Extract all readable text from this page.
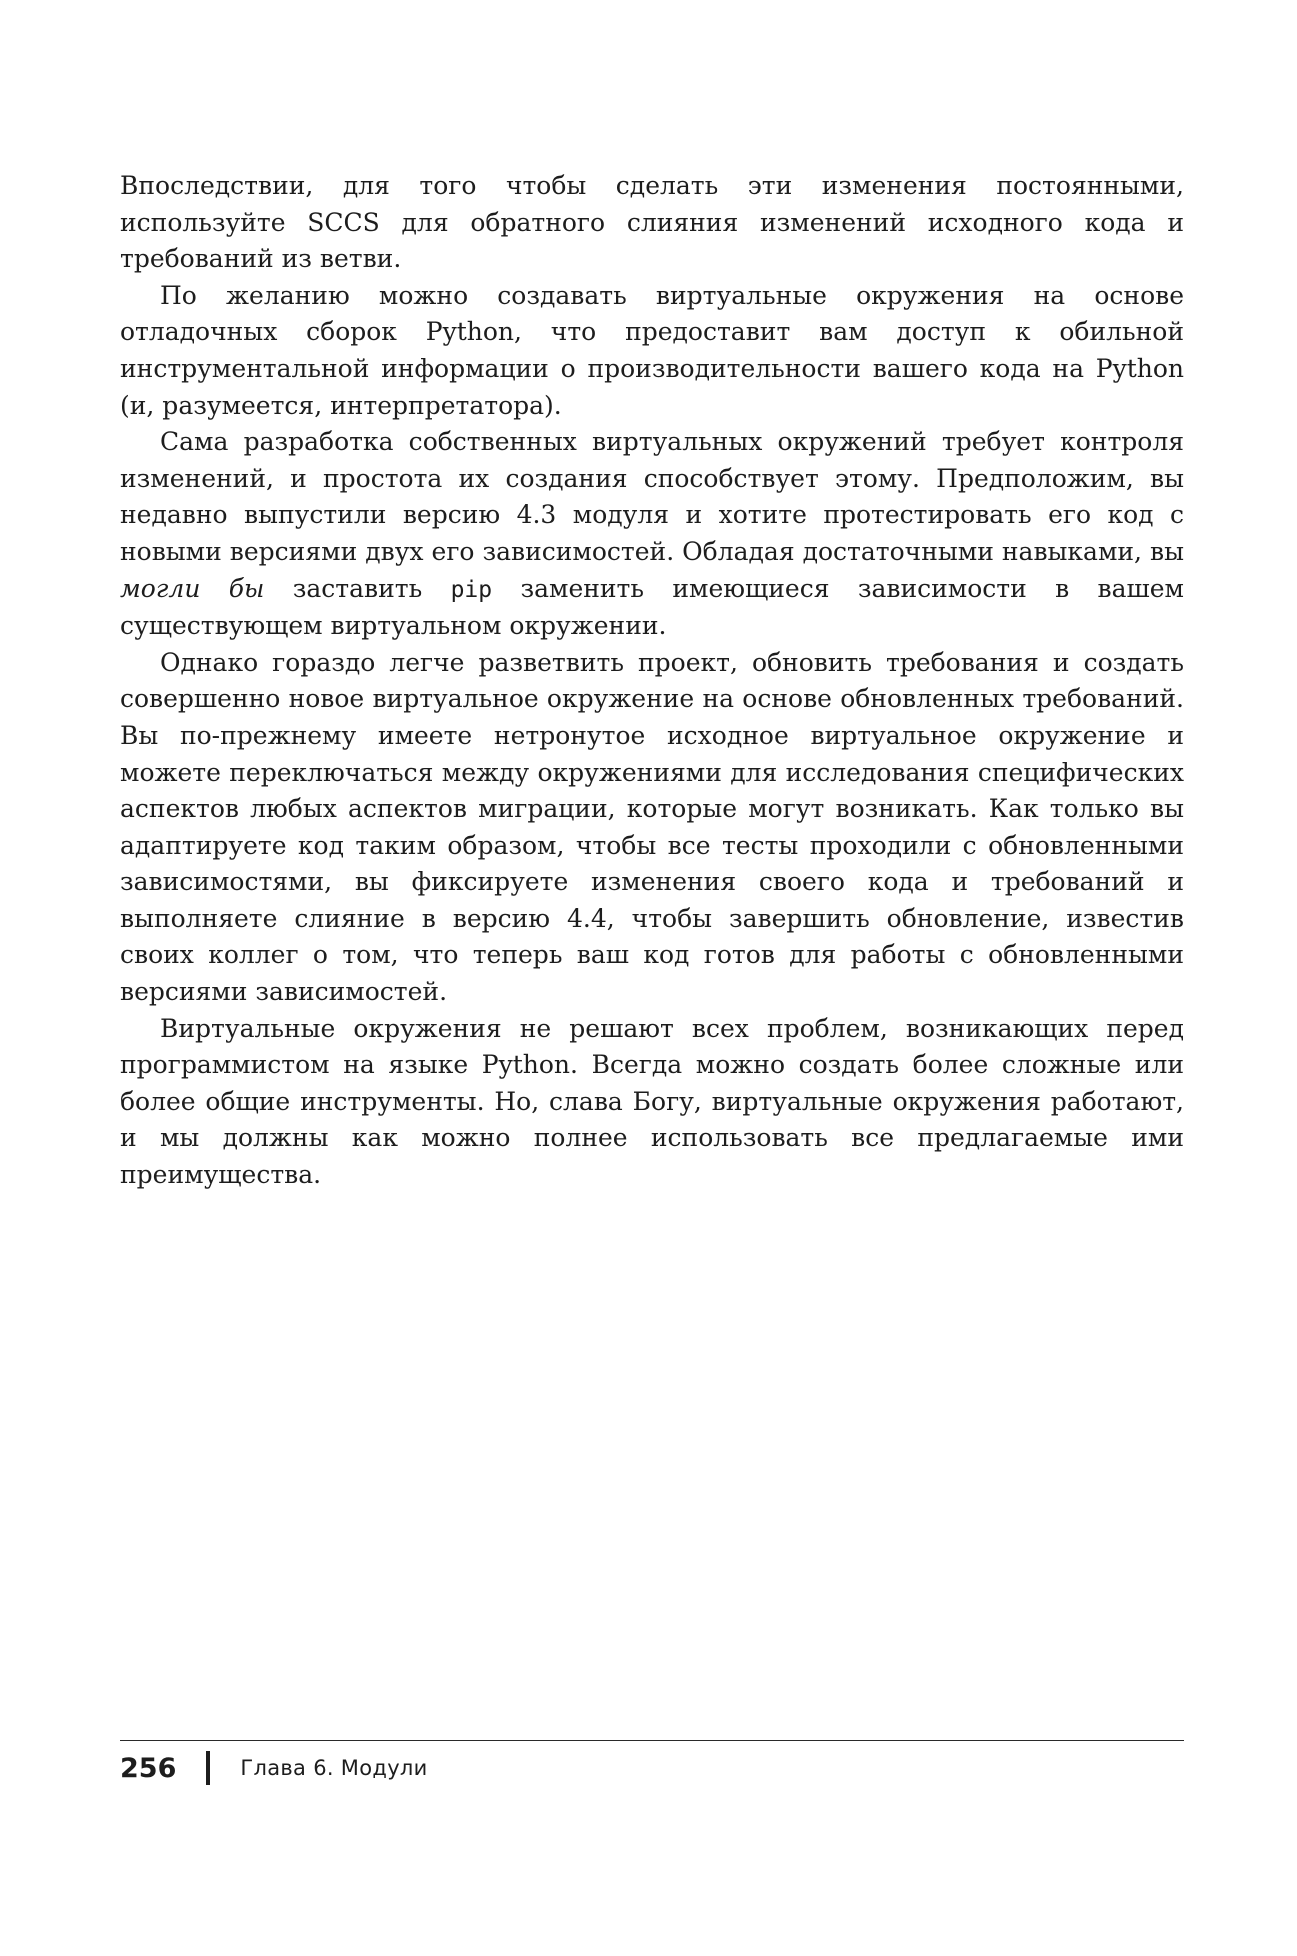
Впоследствии, для того чтобы сделать эти изменения постоянными, используйте SCCS для обратного слияния изменений исходного кода и требований из ветви.

По желанию можно создавать виртуальные окружения на основе отладочных сборок Python, что предоставит вам доступ к обильной инструментальной информации о производительности вашего кода на Python (и, разумеется, интерпретатора).

Сама разработка собственных виртуальных окружений требует контроля изменений, и простота их создания способствует этому. Предположим, вы недавно выпустили версию 4.3 модуля и хотите протестировать его код с новыми версиями двух его зависимостей. Обладая достаточными навыками, вы могли бы заставить pip заменить имеющиеся зависимости в вашем существующем виртуальном окружении.

Однако гораздо легче разветвить проект, обновить требования и создать совершенно новое виртуальное окружение на основе обновленных требований. Вы по-прежнему имеете нетронутое исходное виртуальное окружение и можете переключаться между окружениями для исследования специфических аспектов любых аспектов миграции, которые могут возникать. Как только вы адаптируете код таким образом, чтобы все тесты проходили с обновленными зависимостями, вы фиксируете изменения своего кода и требований и выполняете слияние в версию 4.4, чтобы завершить обновление, известив своих коллег о том, что теперь ваш код готов для работы с обновленными версиями зависимостей.

Виртуальные окружения не решают всех проблем, возникающих перед программистом на языке Python. Всегда можно создать более сложные или более общие инструменты. Но, слава Богу, виртуальные окружения работают, и мы должны как можно полнее использовать все предлагаемые ими преимущества.

256	Глава 6. Модули
